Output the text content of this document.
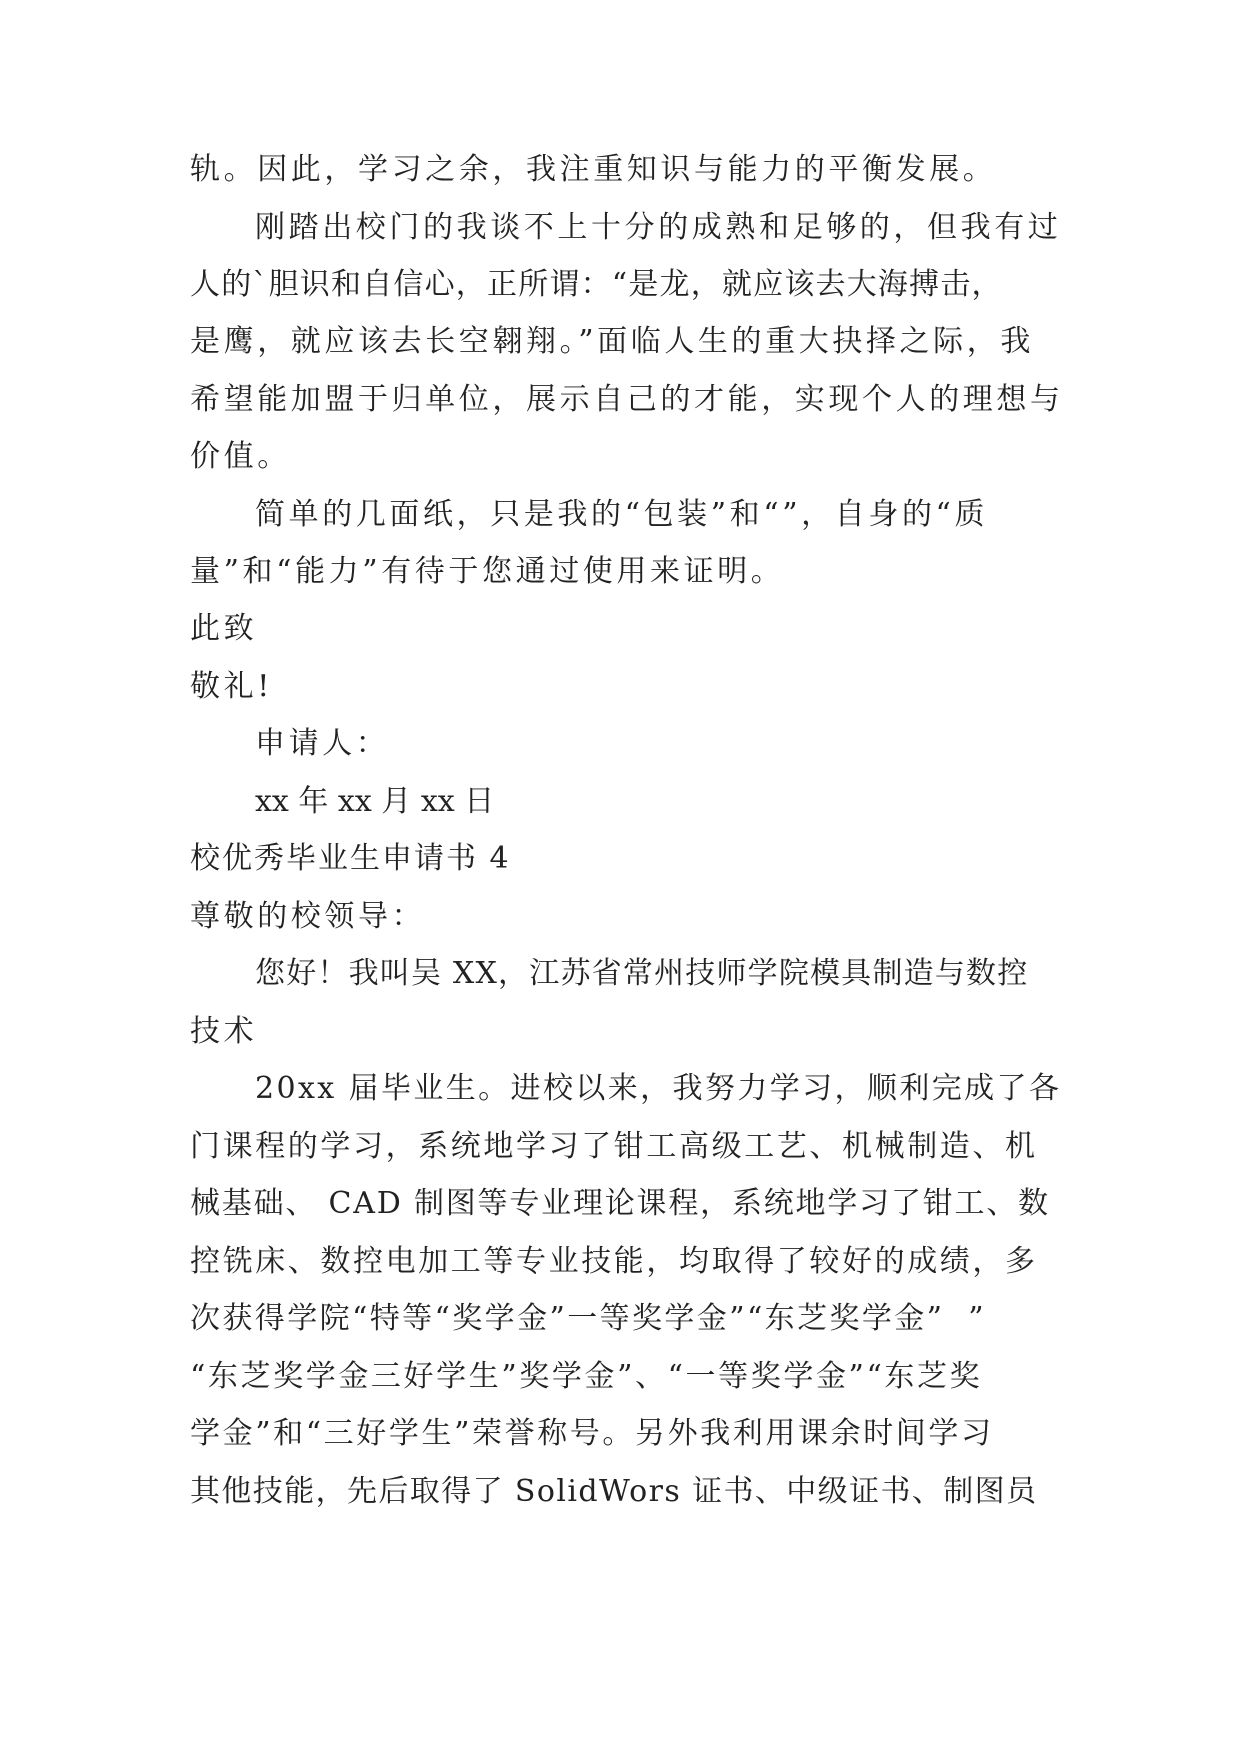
轨。因此，学习之余，我注重知识与能力的平衡发展。
刚踏出校门的我谈不上十分的成熟和足够的，但我有过
人的`胆识和自信心，正所谓：“是龙，就应该去大海搏击，
是鹰，就应该去长空翱翔。”面临人生的重大抉择之际，我
希望能加盟于归单位，展示自己的才能，实现个人的理想与
价值。
简单的几面纸，只是我的“包装”和“”，自身的“质
量”和“能力”有待于您通过使用来证明。
此致
敬礼!
申请人：
xx 年 xx 月 xx 日
校优秀毕业生申请书 4
尊敬的校领导：
您好！我叫吴 XX，江苏省常州技师学院模具制造与数控
技术
20xx 届毕业生。进校以来，我努力学习，顺利完成了各
门课程的学习，系统地学习了钳工高级工艺、机械制造、机
械基础、 CAD 制图等专业理论课程，系统地学习了钳工、数
控铣床、数控电加工等专业技能，均取得了较好的成绩，多
次获得学院“特等“奖学金”一等奖学金”“东芝奖学金”  ”
“东芝奖学金三好学生”奖学金”、“一等奖学金”“东芝奖
学金”和“三好学生”荣誉称号。另外我利用课余时间学习
其他技能，先后取得了 SolidWors 证书、中级证书、制图员
